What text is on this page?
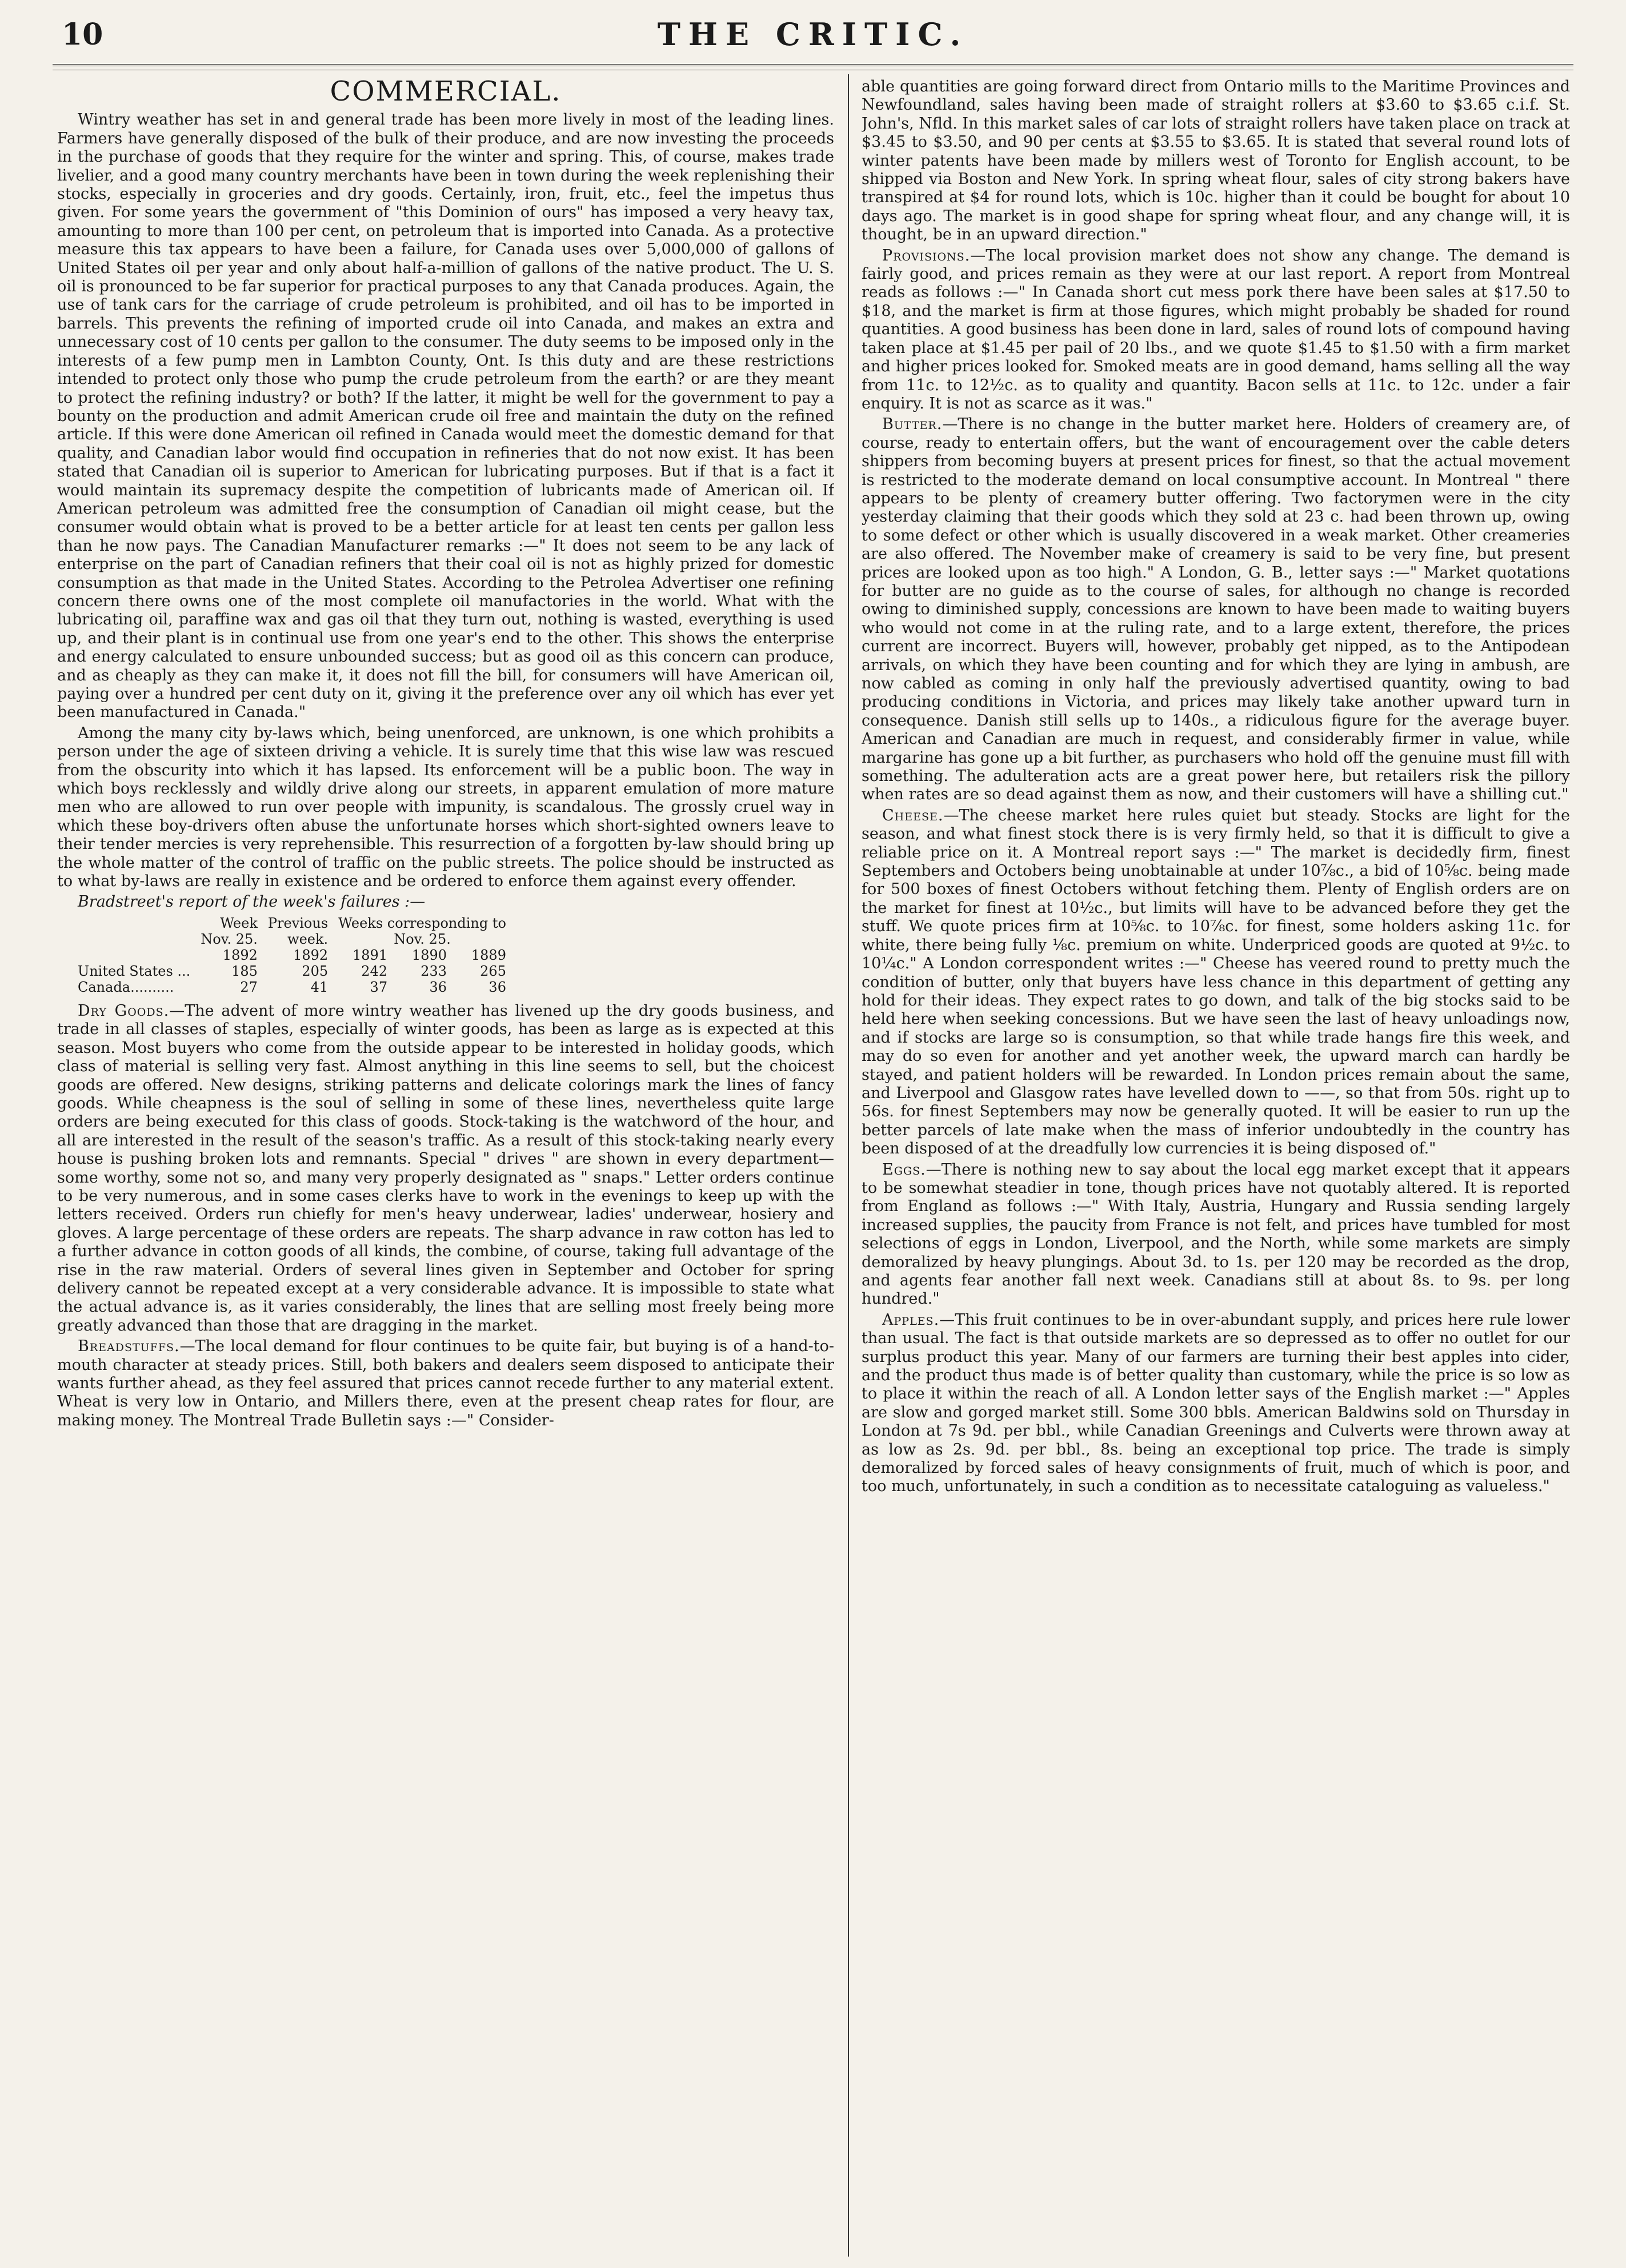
10	THE CRITIC.
COMMERCIAL.

Wintry weather has set in and general trade has been more lively in most of the leading lines. Farmers have generally disposed of the bulk of their produce, and are now investing the proceeds in the purchase of goods that they require for the winter and spring. This, of course, makes trade livelier, and a good many country merchants have been in town during the week replenishing their stocks, especially in groceries and dry goods. Certainly, iron, fruit, etc., feel the impetus thus given. For some years the government of "this Dominion of ours" has imposed a very heavy tax, amounting to more than 100 per cent, on petroleum that is imported into Canada. As a protective measure this tax appears to have been a failure, for Canada uses over 5,000,000 of gallons of United States oil per year and only about half-a-million of gallons of the native product. The U. S. oil is pronounced to be far superior for practical purposes to any that Canada produces. Again, the use of tank cars for the carriage of crude petroleum is prohibited, and oil has to be imported in barrels. This prevents the refining of imported crude oil into Canada, and makes an extra and unnecessary cost of 10 cents per gallon to the consumer. The duty seems to be imposed only in the interests of a few pump men in Lambton County, Ont. Is this duty and are these restrictions intended to protect only those who pump the crude petroleum from the earth? or are they meant to protect the refining industry? or both? If the latter, it might be well for the government to pay a bounty on the production and admit American crude oil free and maintain the duty on the refined article. If this were done American oil refined in Canada would meet the domestic demand for that quality, and Canadian labor would find occupation in refineries that do not now exist. It has been stated that Canadian oil is superior to American for lubricating purposes. But if that is a fact it would maintain its supremacy despite the competition of lubricants made of American oil. If American petroleum was admitted free the consumption of Canadian oil might cease, but the consumer would obtain what is proved to be a better article for at least ten cents per gallon less than he now pays. The Canadian Manufacturer remarks :—" It does not seem to be any lack of enterprise on the part of Canadian refiners that their coal oil is not as highly prized for domestic consumption as that made in the United States. According to the Petrolea Advertiser one refining concern there owns one of the most complete oil manufactories in the world. What with the lubricating oil, paraffine wax and gas oil that they turn out, nothing is wasted, everything is used up, and their plant is in continual use from one year's end to the other. This shows the enterprise and energy calculated to ensure unbounded success; but as good oil as this concern can produce, and as cheaply as they can make it, it does not fill the bill, for consumers will have American oil, paying over a hundred per cent duty on it, giving it the preference over any oil which has ever yet been manufactured in Canada."

Among the many city by-laws which, being unenforced, are unknown, is one which prohibits a person under the age of sixteen driving a vehicle. It is surely time that this wise law was rescued from the obscurity into which it has lapsed. Its enforcement will be a public boon. The way in which boys recklessly and wildly drive along our streets, in apparent emulation of more mature men who are allowed to run over people with impunity, is scandalous. The grossly cruel way in which these boy-drivers often abuse the unfortunate horses which short-sighted owners leave to their tender mercies is very reprehensible. This resurrection of a forgotten by-law should bring up the whole matter of the control of traffic on the public streets. The police should be instructed as to what by-laws are really in existence and be ordered to enforce them against every offender.

Bradstreet's report of the week's failures :—

	Week	Previous	Weeks corresponding to		
	Nov. 25.	week.	Nov. 25.		
	1892	1892	1891	1890	1889
United States ...	185	205	242	233	265
Canada..........	27	41	37	36	36

Dry Goods.—The advent of more wintry weather has livened up the dry goods business, and trade in all classes of staples, especially of winter goods, has been as large as is expected at this season. Most buyers who come from the outside appear to be interested in holiday goods, which class of material is selling very fast. Almost anything in this line seems to sell, but the choicest goods are offered. New designs, striking patterns and delicate colorings mark the lines of fancy goods. While cheapness is the soul of selling in some of these lines, nevertheless quite large orders are being executed for this class of goods. Stock-taking is the watchword of the hour, and all are interested in the result of the season's traffic. As a result of this stock-taking nearly every house is pushing broken lots and remnants. Special " drives " are shown in every department—some worthy, some not so, and many very properly designated as " snaps." Letter orders continue to be very numerous, and in some cases clerks have to work in the evenings to keep up with the letters received. Orders run chiefly for men's heavy underwear, ladies' underwear, hosiery and gloves. A large percentage of these orders are repeats. The sharp advance in raw cotton has led to a further advance in cotton goods of all kinds, the combine, of course, taking full advantage of the rise in the raw material. Orders of several lines given in September and October for spring delivery cannot be repeated except at a very considerable advance. It is impossible to state what the actual advance is, as it varies considerably, the lines that are selling most freely being more greatly advanced than those that are dragging in the market.

Breadstuffs.—The local demand for flour continues to be quite fair, but buying is of a hand-to-mouth character at steady prices. Still, both bakers and dealers seem disposed to anticipate their wants further ahead, as they feel assured that prices cannot recede further to any material extent. Wheat is very low in Ontario, and Millers there, even at the present cheap rates for flour, are making money. The Montreal Trade Bulletin says :—" Consider-

able quantities are going forward direct from Ontario mills to the Maritime Provinces and Newfoundland, sales having been made of straight rollers at $3.60 to $3.65 c.i.f. St. John's, Nfld. In this market sales of car lots of straight rollers have taken place on track at $3.45 to $3.50, and 90 per cents at $3.55 to $3.65. It is stated that several round lots of winter patents have been made by millers west of Toronto for English account, to be shipped via Boston and New York. In spring wheat flour, sales of city strong bakers have transpired at $4 for round lots, which is 10c. higher than it could be bought for about 10 days ago. The market is in good shape for spring wheat flour, and any change will, it is thought, be in an upward direction."

Provisions.—The local provision market does not show any change. The demand is fairly good, and prices remain as they were at our last report. A report from Montreal reads as follows :—" In Canada short cut mess pork there have been sales at $17.50 to $18, and the market is firm at those figures, which might probably be shaded for round quantities. A good business has been done in lard, sales of round lots of compound having taken place at $1.45 per pail of 20 lbs., and we quote $1.45 to $1.50 with a firm market and higher prices looked for. Smoked meats are in good demand, hams selling all the way from 11c. to 12½c. as to quality and quantity. Bacon sells at 11c. to 12c. under a fair enquiry. It is not as scarce as it was."

Butter.—There is no change in the butter market here. Holders of creamery are, of course, ready to entertain offers, but the want of encouragement over the cable deters shippers from becoming buyers at present prices for finest, so that the actual movement is restricted to the moderate demand on local consumptive account. In Montreal " there appears to be plenty of creamery butter offering. Two factorymen were in the city yesterday claiming that their goods which they sold at 23 c. had been thrown up, owing to some defect or other which is usually discovered in a weak market. Other creameries are also offered. The November make of creamery is said to be very fine, but present prices are looked upon as too high." A London, G. B., letter says :—" Market quotations for butter are no guide as to the course of sales, for although no change is recorded owing to diminished supply, concessions are known to have been made to waiting buyers who would not come in at the ruling rate, and to a large extent, therefore, the prices current are incorrect. Buyers will, however, probably get nipped, as to the Antipodean arrivals, on which they have been counting and for which they are lying in ambush, are now cabled as coming in only half the previously advertised quantity, owing to bad producing conditions in Victoria, and prices may likely take another upward turn in consequence. Danish still sells up to 140s., a ridiculous figure for the average buyer. American and Canadian are much in request, and considerably firmer in value, while margarine has gone up a bit further, as purchasers who hold off the genuine must fill with something. The adulteration acts are a great power here, but retailers risk the pillory when rates are so dead against them as now, and their customers will have a shilling cut."

Cheese.—The cheese market here rules quiet but steady. Stocks are light for the season, and what finest stock there is is very firmly held, so that it is difficult to give a reliable price on it. A Montreal report says :—" The market is decidedly firm, finest Septembers and Octobers being unobtainable at under 10⅞c., a bid of 10⅝c. being made for 500 boxes of finest Octobers without fetching them. Plenty of English orders are on the market for finest at 10½c., but limits will have to be advanced before they get the stuff. We quote prices firm at 10⅝c. to 10⅞c. for finest, some holders asking 11c. for white, there being fully ⅛c. premium on white. Underpriced goods are quoted at 9½c. to 10¼c." A London correspondent writes :—" Cheese has veered round to pretty much the condition of butter, only that buyers have less chance in this department of getting any hold for their ideas. They expect rates to go down, and talk of the big stocks said to be held here when seeking concessions. But we have seen the last of heavy unloadings now, and if stocks are large so is consumption, so that while trade hangs fire this week, and may do so even for another and yet another week, the upward march can hardly be stayed, and patient holders will be rewarded. In London prices remain about the same, and Liverpool and Glasgow rates have levelled down to ——, so that from 50s. right up to 56s. for finest Septembers may now be generally quoted. It will be easier to run up the better parcels of late make when the mass of inferior undoubtedly in the country has been disposed of at the dreadfully low currencies it is being disposed of."

Eggs.—There is nothing new to say about the local egg market except that it appears to be somewhat steadier in tone, though prices have not quotably altered. It is reported from England as follows :—" With Italy, Austria, Hungary and Russia sending largely increased supplies, the paucity from France is not felt, and prices have tumbled for most selections of eggs in London, Liverpool, and the North, while some markets are simply demoralized by heavy plungings. About 3d. to 1s. per 120 may be recorded as the drop, and agents fear another fall next week. Canadians still at about 8s. to 9s. per long hundred."

Apples.—This fruit continues to be in over-abundant supply, and prices here rule lower than usual. The fact is that outside markets are so depressed as to offer no outlet for our surplus product this year. Many of our farmers are turning their best apples into cider, and the product thus made is of better quality than customary, while the price is so low as to place it within the reach of all. A London letter says of the English market :—" Apples are slow and gorged market still. Some 300 bbls. American Baldwins sold on Thursday in London at 7s 9d. per bbl., while Canadian Greenings and Culverts were thrown away at as low as 2s. 9d. per bbl., 8s. being an exceptional top price. The trade is simply demoralized by forced sales of heavy consignments of fruit, much of which is poor, and too much, unfortunately, in such a condition as to necessitate cataloguing as valueless."
